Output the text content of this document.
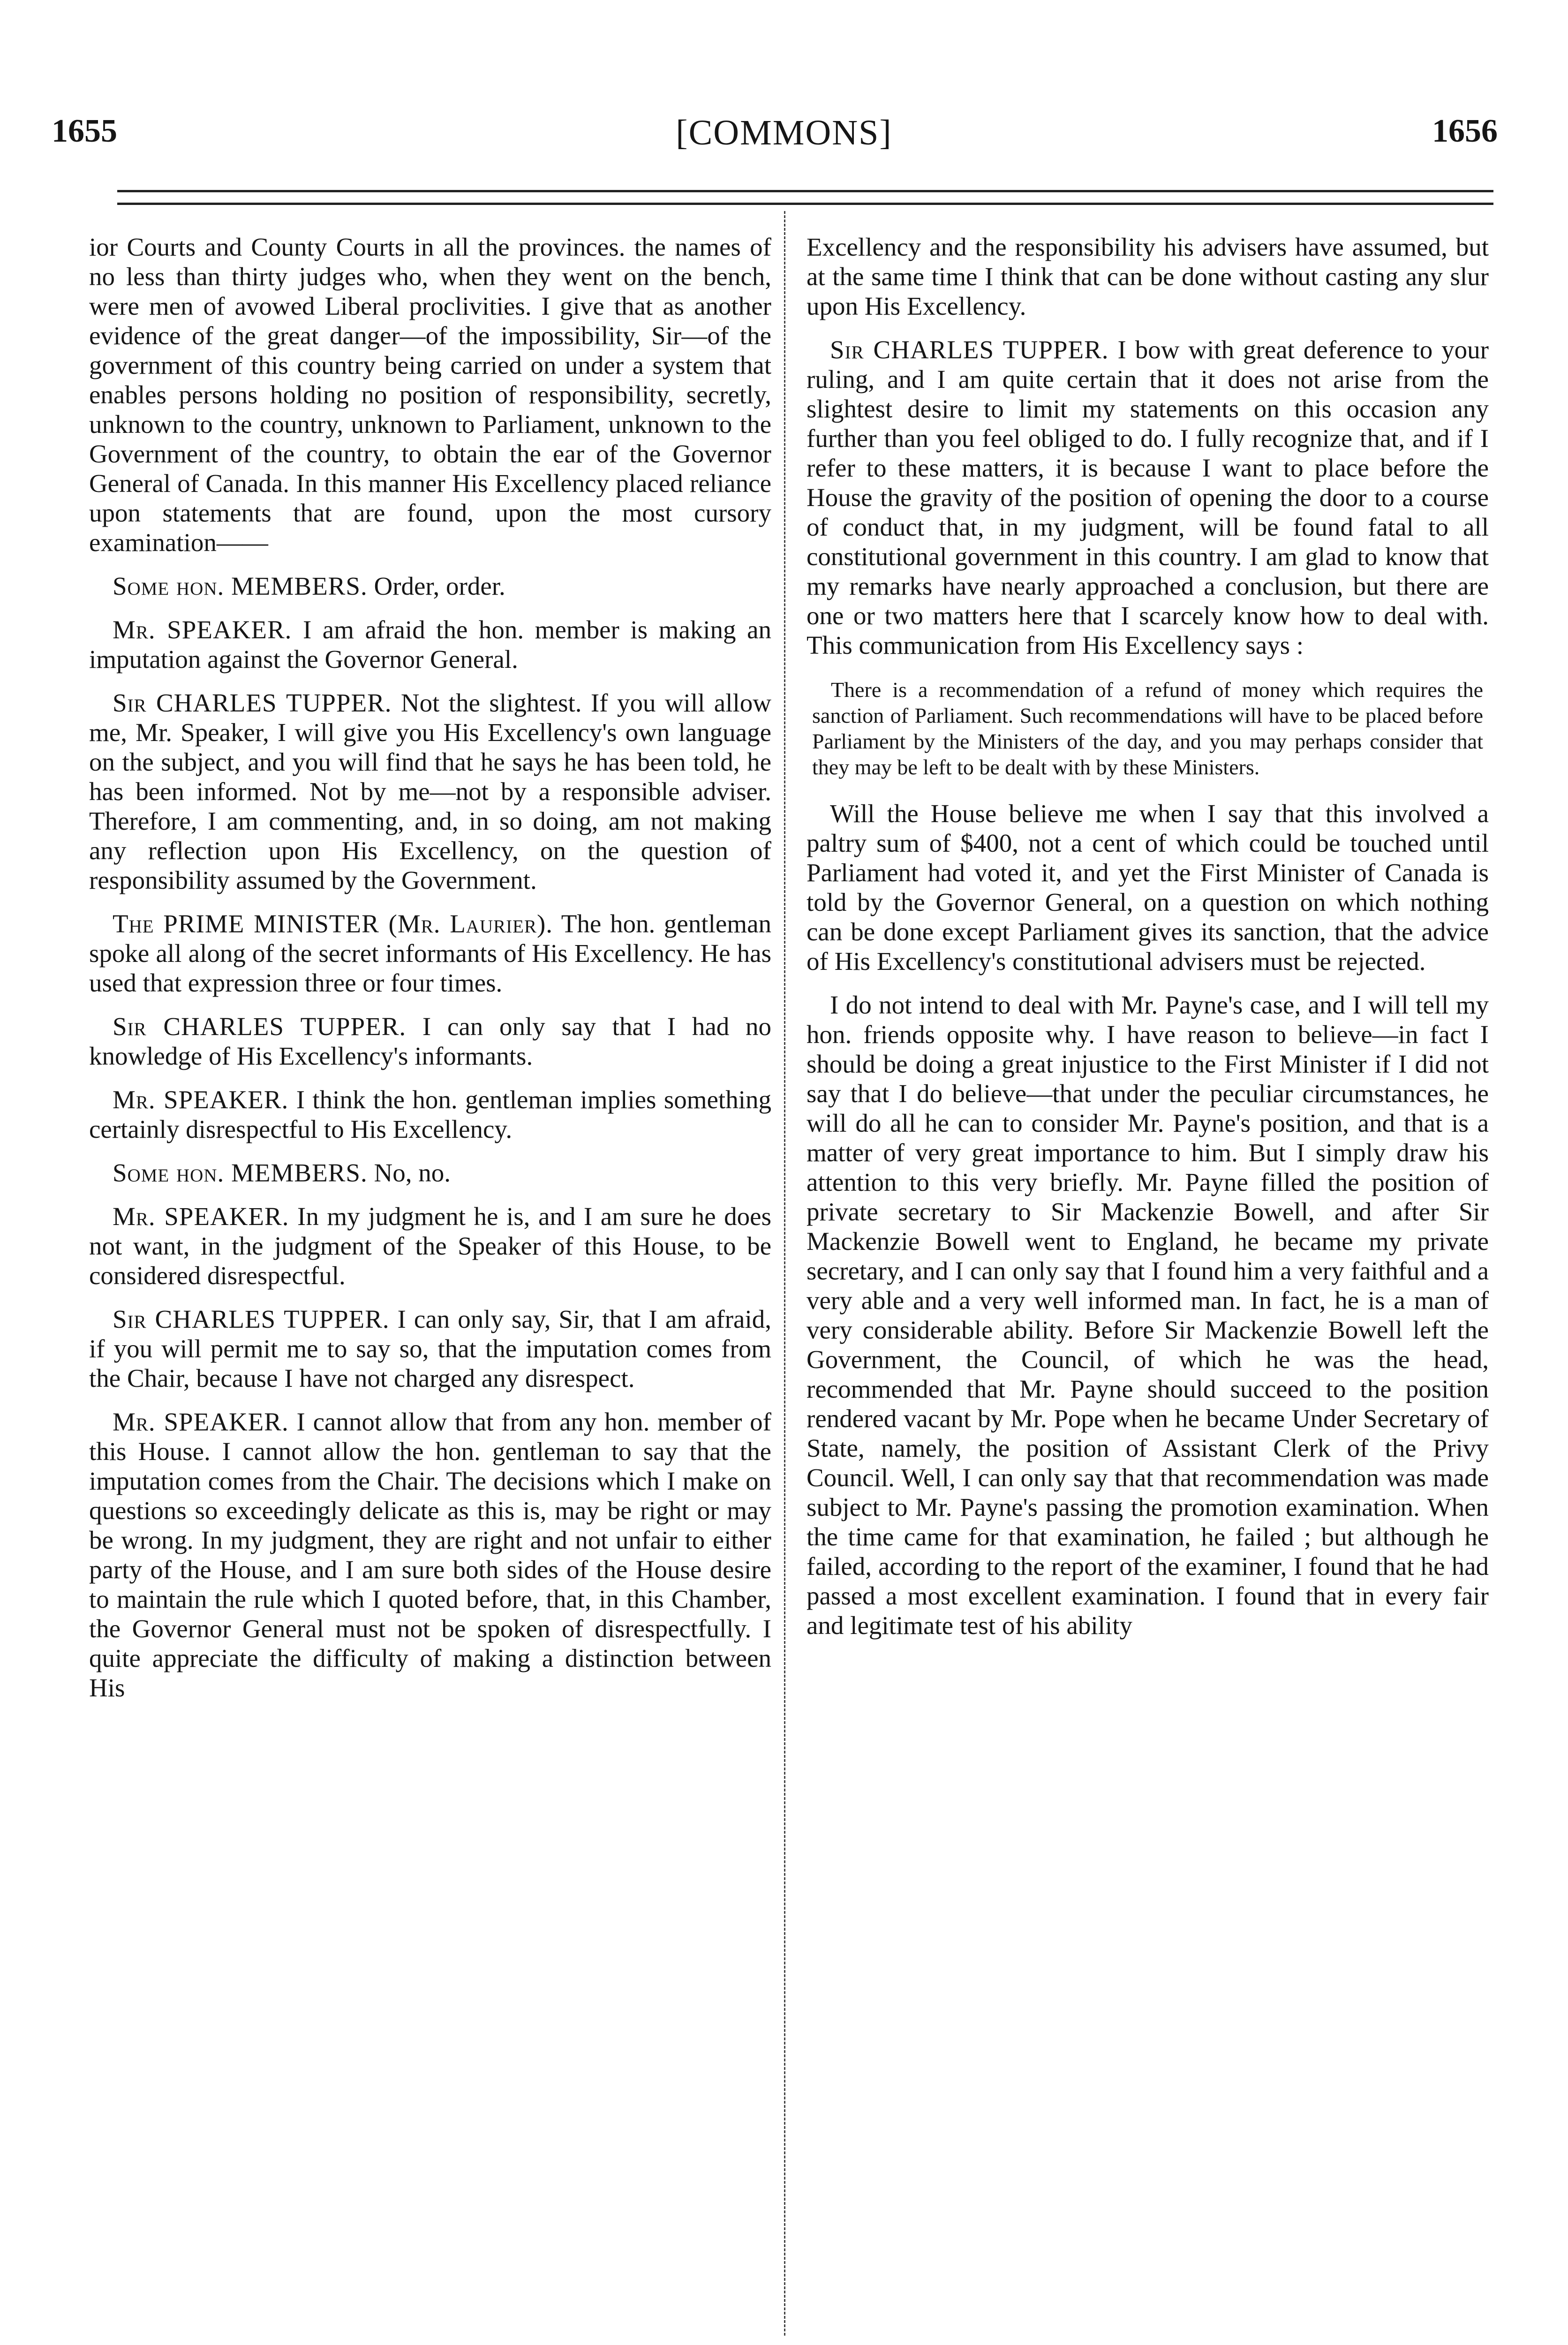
1655	[COMMONS]	1656

ior Courts and County Courts in all the provinces. the names of no less than thirty judges who, when they went on the bench, were men of avowed Liberal proclivities. I give that as another evidence of the great danger—of the impossibility, Sir—of the government of this country being carried on under a system that enables persons holding no position of responsibility, secretly, unknown to the country, unknown to Parliament, unknown to the Government of the country, to obtain the ear of the Governor General of Canada. In this manner His Excellency placed reliance upon statements that are found, upon the most cursory examination——

Some hon. MEMBERS. Order, order.

Mr. SPEAKER. I am afraid the hon. member is making an imputation against the Governor General.

Sir CHARLES TUPPER. Not the slightest. If you will allow me, Mr. Speaker, I will give you His Excellency's own language on the subject, and you will find that he says he has been told, he has been informed. Not by me—not by a responsible adviser. Therefore, I am commenting, and, in so doing, am not making any reflection upon His Excellency, on the question of responsibility assumed by the Government.

The PRIME MINISTER (Mr. Laurier). The hon. gentleman spoke all along of the secret informants of His Excellency. He has used that expression three or four times.

Sir CHARLES TUPPER. I can only say that I had no knowledge of His Excellency's informants.

Mr. SPEAKER. I think the hon. gentleman implies something certainly disrespectful to His Excellency.

Some hon. MEMBERS. No, no.

Mr. SPEAKER. In my judgment he is, and I am sure he does not want, in the judgment of the Speaker of this House, to be considered disrespectful.

Sir CHARLES TUPPER. I can only say, Sir, that I am afraid, if you will permit me to say so, that the imputation comes from the Chair, because I have not charged any disrespect.

Mr. SPEAKER. I cannot allow that from any hon. member of this House. I cannot allow the hon. gentleman to say that the imputation comes from the Chair. The decisions which I make on questions so exceedingly delicate as this is, may be right or may be wrong. In my judgment, they are right and not unfair to either party of the House, and I am sure both sides of the House desire to maintain the rule which I quoted before, that, in this Chamber, the Governor General must not be spoken of disrespectfully. I quite appreciate the difficulty of making a distinction between His

Excellency and the responsibility his advisers have assumed, but at the same time I think that can be done without casting any slur upon His Excellency.

Sir CHARLES TUPPER. I bow with great deference to your ruling, and I am quite certain that it does not arise from the slightest desire to limit my statements on this occasion any further than you feel obliged to do. I fully recognize that, and if I refer to these matters, it is because I want to place before the House the gravity of the position of opening the door to a course of conduct that, in my judgment, will be found fatal to all constitutional government in this country. I am glad to know that my remarks have nearly approached a conclusion, but there are one or two matters here that I scarcely know how to deal with. This communication from His Excellency says :

There is a recommendation of a refund of money which requires the sanction of Parliament. Such recommendations will have to be placed before Parliament by the Ministers of the day, and you may perhaps consider that they may be left to be dealt with by these Ministers.

Will the House believe me when I say that this involved a paltry sum of $400, not a cent of which could be touched until Parliament had voted it, and yet the First Minister of Canada is told by the Governor General, on a question on which nothing can be done except Parliament gives its sanction, that the advice of His Excellency's constitutional advisers must be rejected.

I do not intend to deal with Mr. Payne's case, and I will tell my hon. friends opposite why. I have reason to believe—in fact I should be doing a great injustice to the First Minister if I did not say that I do believe—that under the peculiar circumstances, he will do all he can to consider Mr. Payne's position, and that is a matter of very great importance to him. But I simply draw his attention to this very briefly. Mr. Payne filled the position of private secretary to Sir Mackenzie Bowell, and after Sir Mackenzie Bowell went to England, he became my private secretary, and I can only say that I found him a very faithful and a very able and a very well informed man. In fact, he is a man of very considerable ability. Before Sir Mackenzie Bowell left the Government, the Council, of which he was the head, recommended that Mr. Payne should succeed to the position rendered vacant by Mr. Pope when he became Under Secretary of State, namely, the position of Assistant Clerk of the Privy Council. Well, I can only say that that recommendation was made subject to Mr. Payne's passing the promotion examination. When the time came for that examination, he failed ; but although he failed, according to the report of the examiner, I found that he had passed a most excellent examination. I found that in every fair and legitimate test of his ability
